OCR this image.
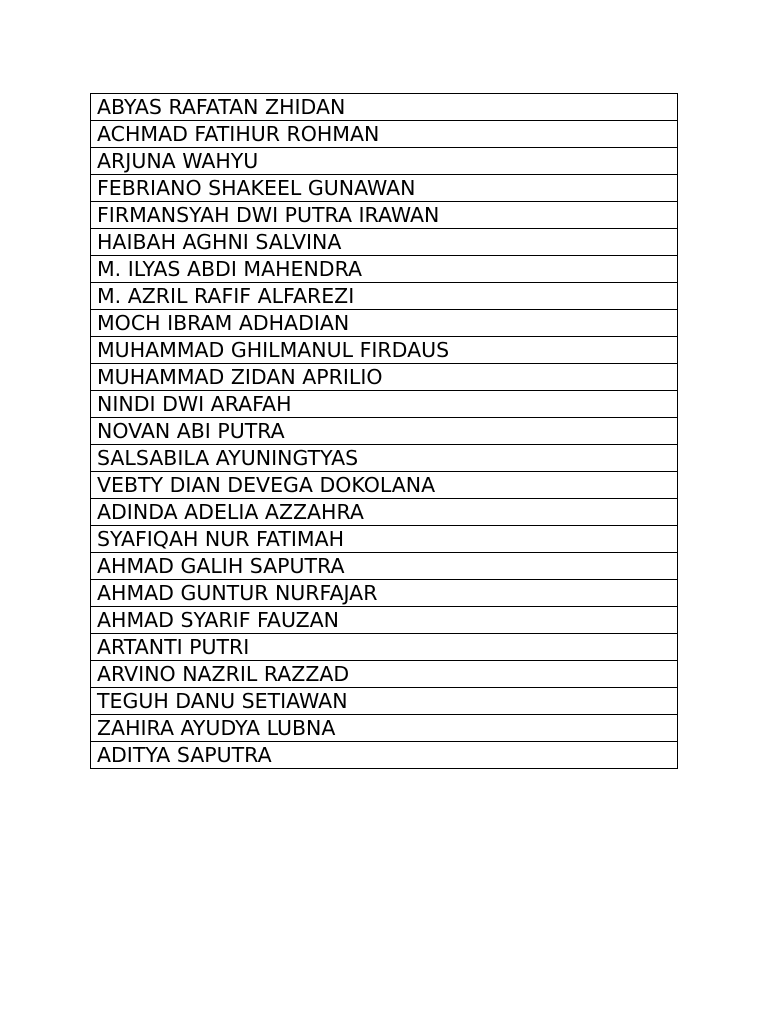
ABYAS RAFATAN ZHIDAN
ACHMAD FATIHUR ROHMAN
ARJUNA WAHYU
FEBRIANO SHAKEEL GUNAWAN
FIRMANSYAH DWI PUTRA IRAWAN
HAIBAH AGHNI SALVINA
M. ILYAS ABDI MAHENDRA
M. AZRIL RAFIF ALFAREZI
MOCH IBRAM ADHADIAN
MUHAMMAD GHILMANUL FIRDAUS
MUHAMMAD ZIDAN APRILIO
NINDI DWI ARAFAH
NOVAN ABI PUTRA
SALSABILA AYUNINGTYAS
VEBTY DIAN DEVEGA DOKOLANA
ADINDA ADELIA AZZAHRA
SYAFIQAH NUR FATIMAH
AHMAD GALIH SAPUTRA
AHMAD GUNTUR NURFAJAR
AHMAD SYARIF FAUZAN
ARTANTI PUTRI
ARVINO NAZRIL RAZZAD
TEGUH DANU SETIAWAN
ZAHIRA AYUDYA LUBNA
ADITYA SAPUTRA
